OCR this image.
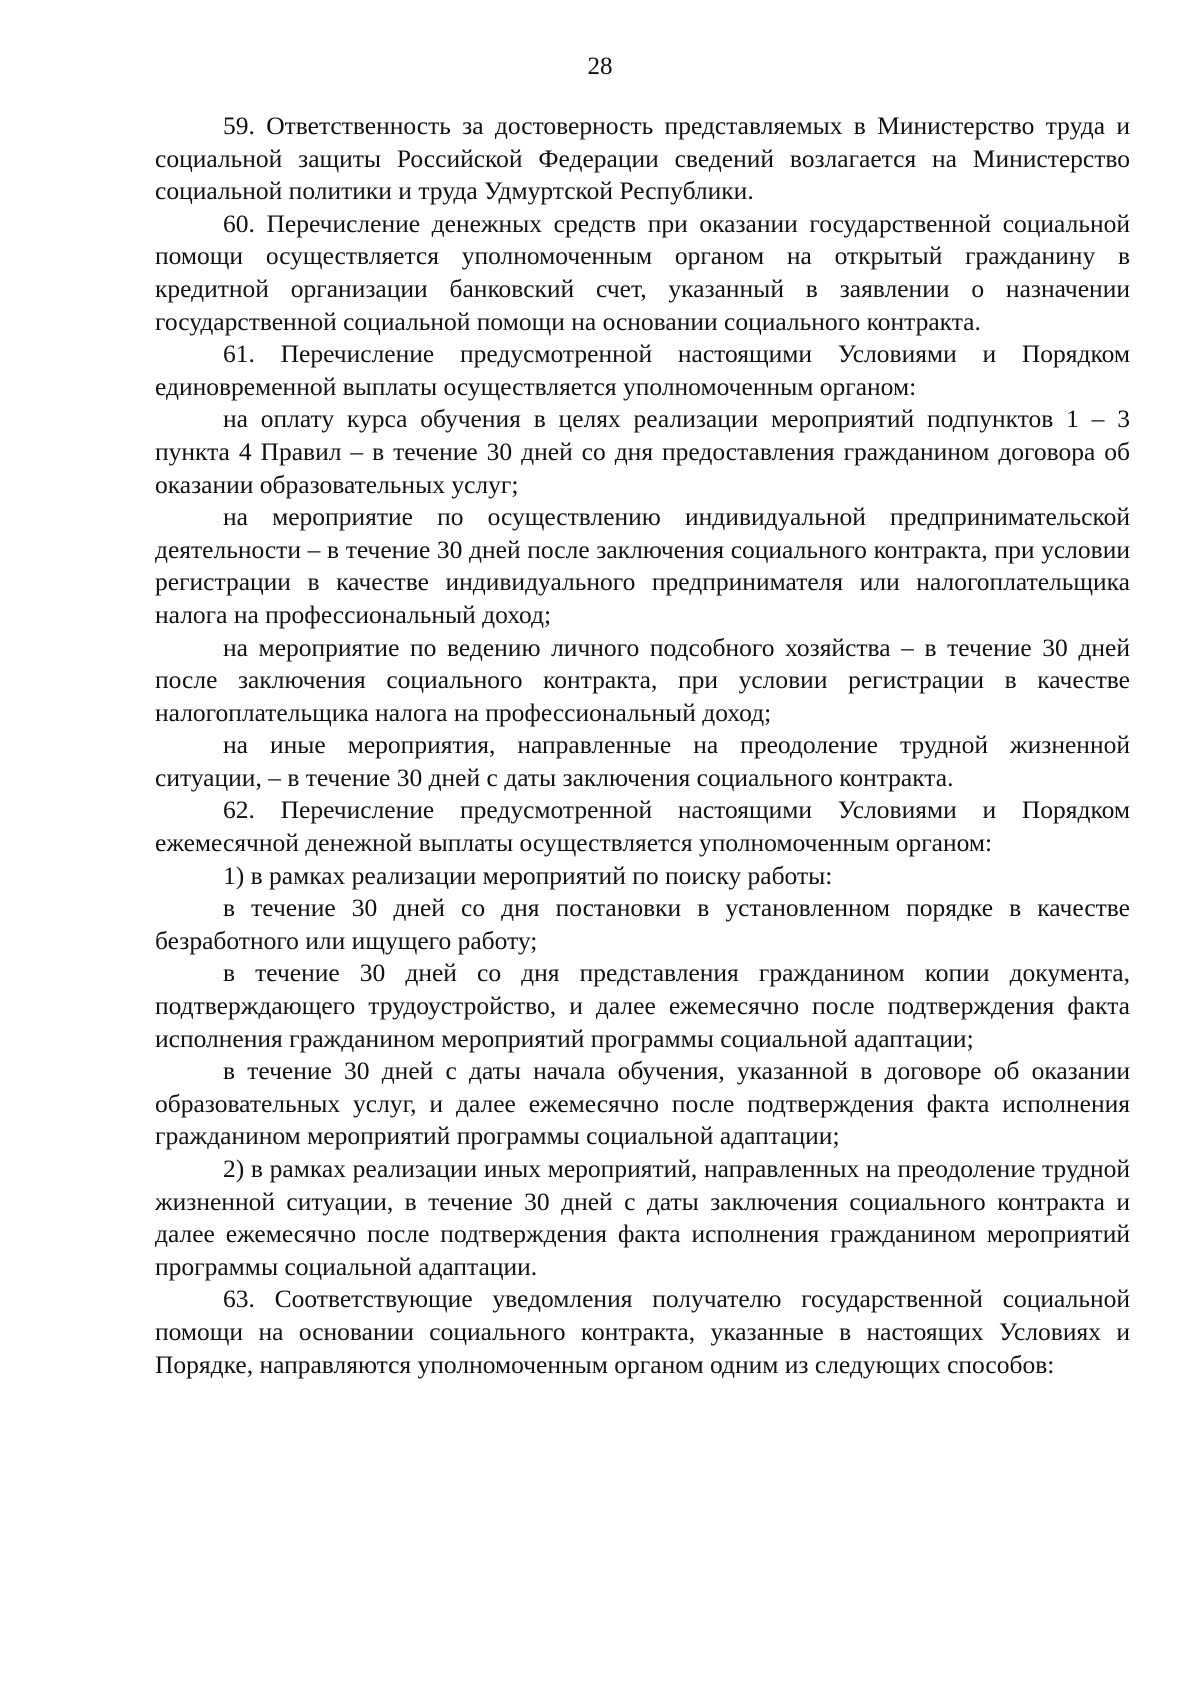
28

59. Ответственность за достоверность представляемых в Министерство труда и социальной защиты Российской Федерации сведений возлагается на Министерство социальной политики и труда Удмуртской Республики.

60. Перечисление денежных средств при оказании государственной социальной помощи осуществляется уполномоченным органом на открытый гражданину в кредитной организации банковский счет, указанный в заявлении о назначении государственной социальной помощи на основании социального контракта.

61. Перечисление предусмотренной настоящими Условиями и Порядком единовременной выплаты осуществляется уполномоченным органом:

на оплату курса обучения в целях реализации мероприятий подпунктов 1 – 3 пункта 4 Правил – в течение 30 дней со дня предоставления гражданином договора об оказании образовательных услуг;

на мероприятие по осуществлению индивидуальной предпринимательской деятельности – в течение 30 дней после заключения социального контракта, при условии регистрации в качестве индивидуального предпринимателя или налогоплательщика налога на профессиональный доход;

на мероприятие по ведению личного подсобного хозяйства – в течение 30 дней после заключения социального контракта, при условии регистрации в качестве налогоплательщика налога на профессиональный доход;

на иные мероприятия, направленные на преодоление трудной жизненной ситуации, – в течение 30 дней с даты заключения социального контракта.

62. Перечисление предусмотренной настоящими Условиями и Порядком ежемесячной денежной выплаты осуществляется уполномоченным органом:

1) в рамках реализации мероприятий по поиску работы:

в течение 30 дней со дня постановки в установленном порядке в качестве безработного или ищущего работу;

в течение 30 дней со дня представления гражданином копии документа, подтверждающего трудоустройство, и далее ежемесячно после подтверждения факта исполнения гражданином мероприятий программы социальной адаптации;

в течение 30 дней с даты начала обучения, указанной в договоре об оказании образовательных услуг, и далее ежемесячно после подтверждения факта исполнения гражданином мероприятий программы социальной адаптации;

2) в рамках реализации иных мероприятий, направленных на преодоление трудной жизненной ситуации, в течение 30 дней с даты заключения социального контракта и далее ежемесячно после подтверждения факта исполнения гражданином мероприятий программы социальной адаптации.

63. Соответствующие уведомления получателю государственной социальной помощи на основании социального контракта, указанные в настоящих Условиях и Порядке, направляются уполномоченным органом одним из следующих способов:
